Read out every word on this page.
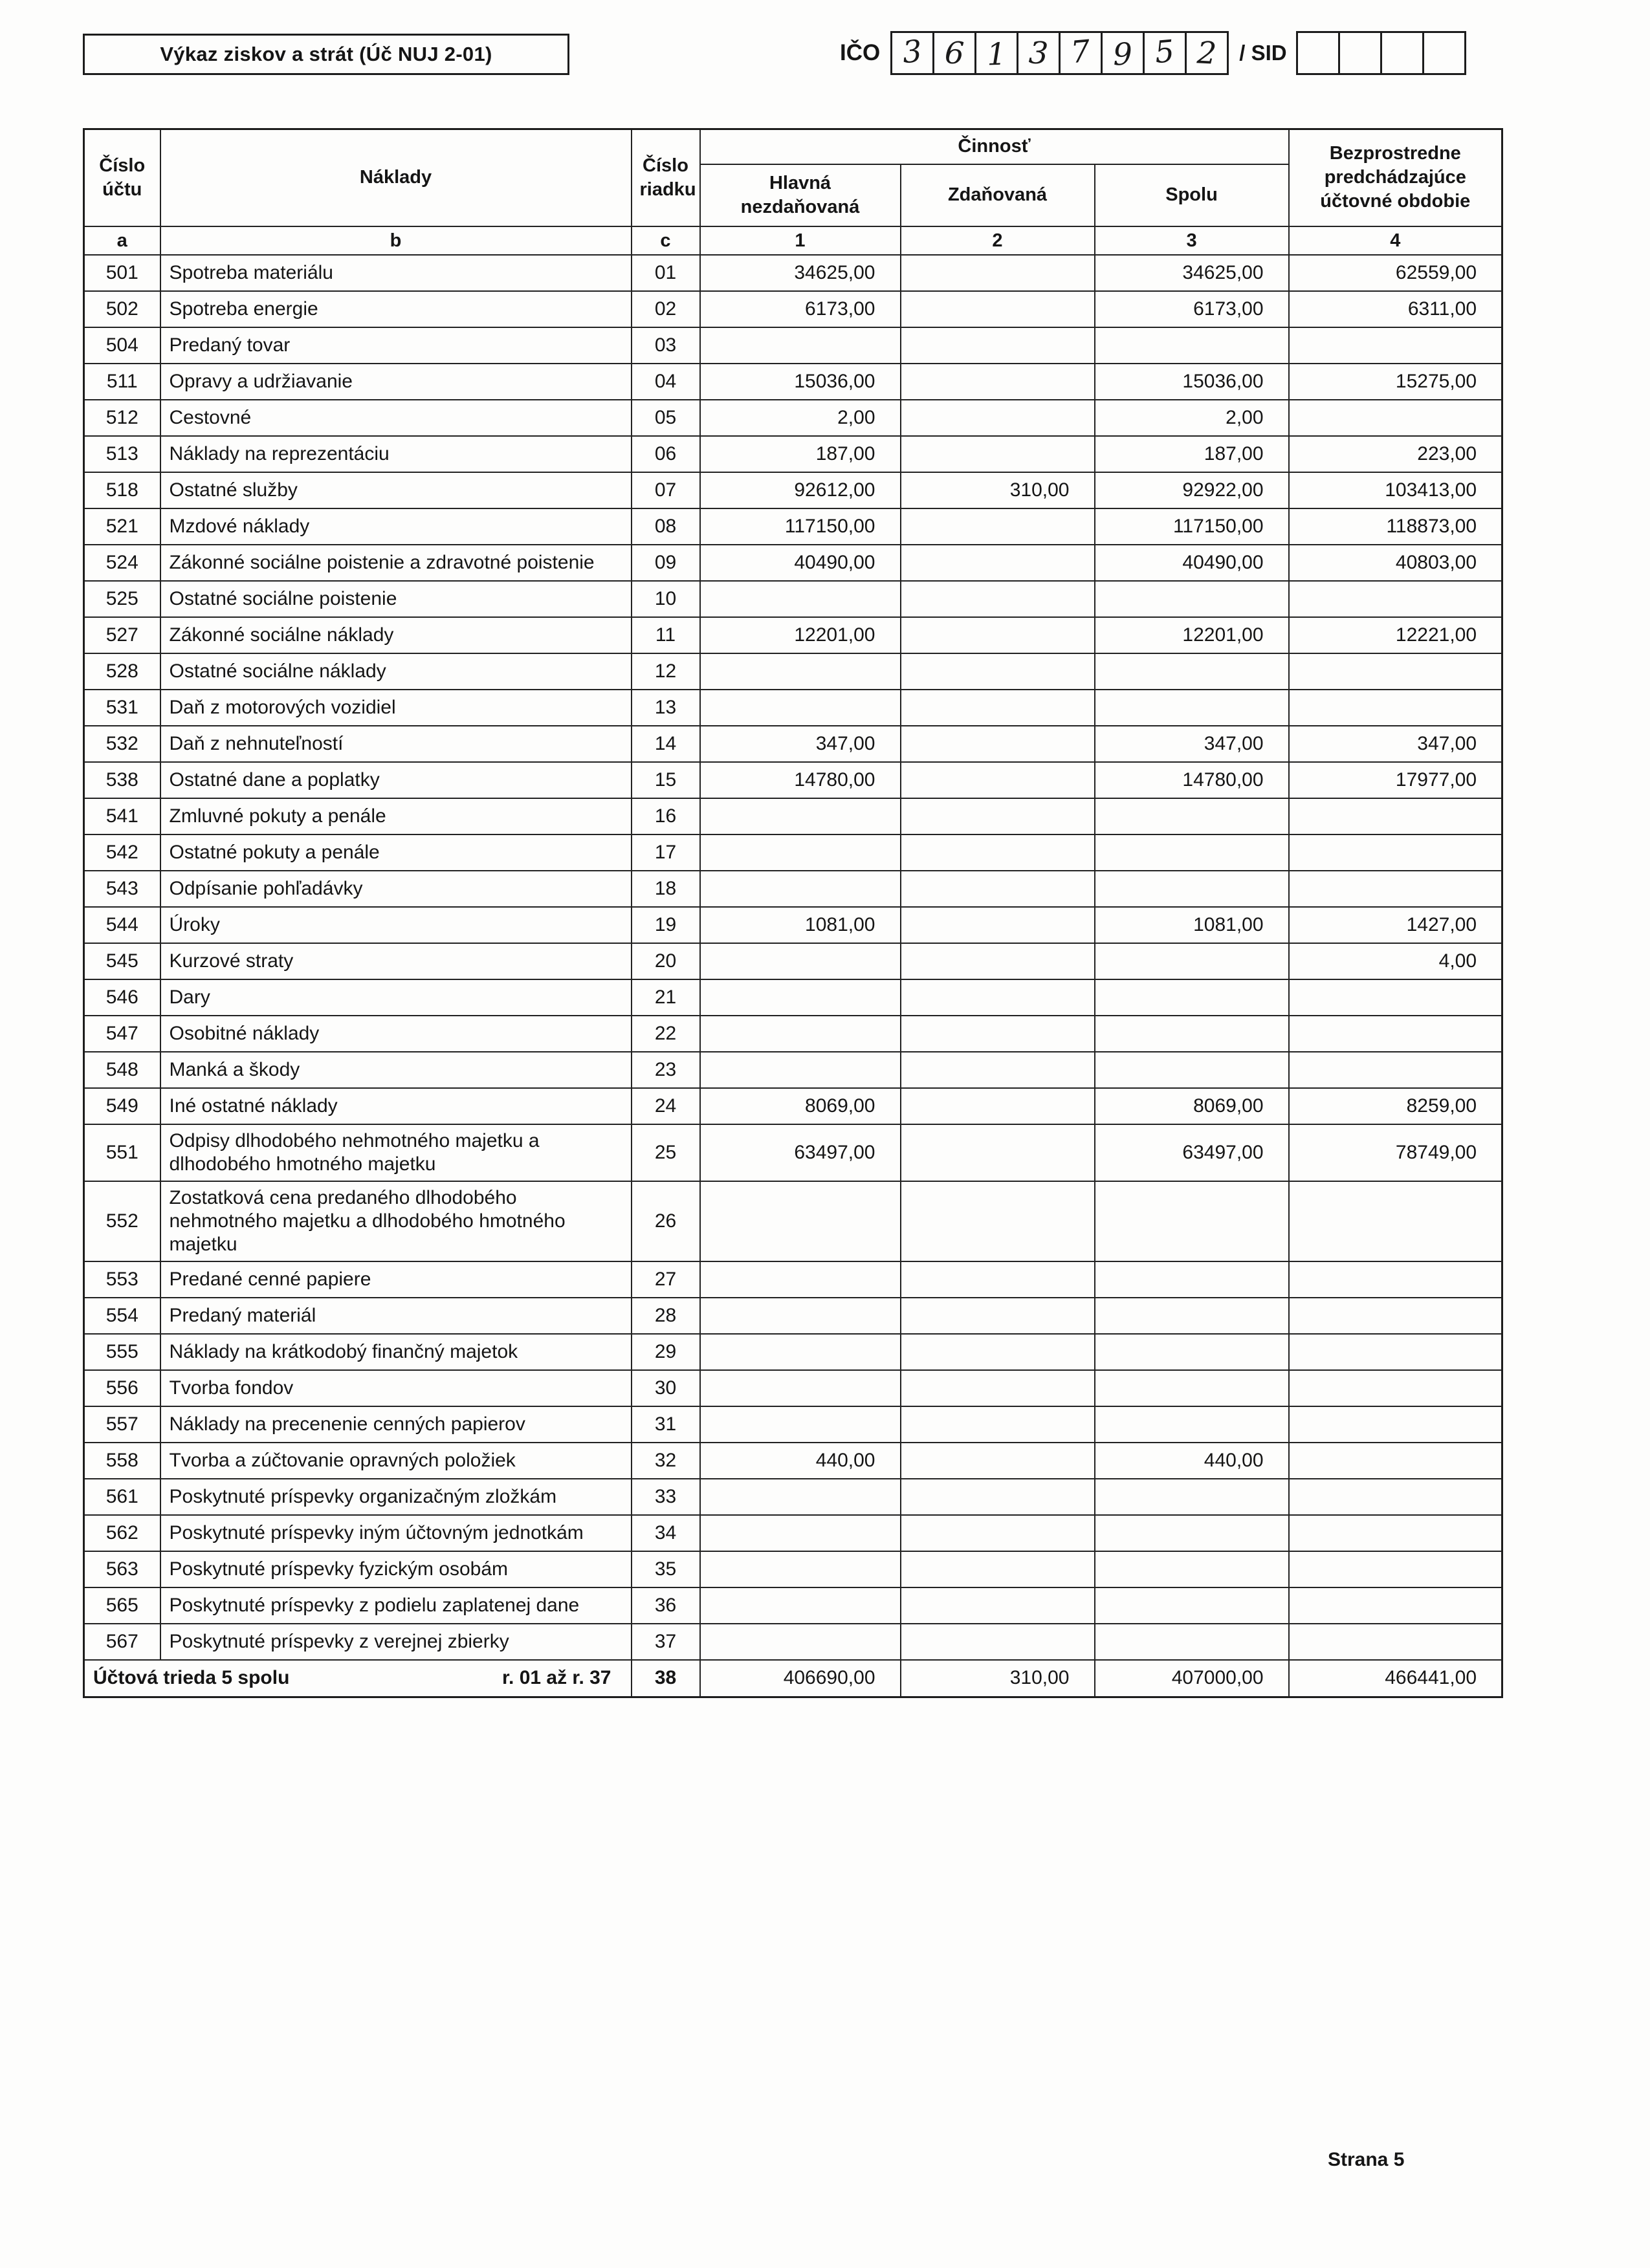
Výkaz ziskov a strát (Úč NUJ 2-01)	IČO 3 6 1 3 7 9 5 2 / SID
Číslo účtu	Náklady	Číslo riadku	Činnosť			Bezprostredne predchádzajúce účtovné obdobie
			Hlavná nezdaňovaná	Zdaňovaná	Spolu	
a	b	c	1	2	3	4
501	Spotreba materiálu	01	34625,00		34625,00	62559,00
502	Spotreba energie	02	6173,00		6173,00	6311,00
504	Predaný tovar	03				
511	Opravy a udržiavanie	04	15036,00		15036,00	15275,00
512	Cestovné	05	2,00		2,00	
513	Náklady na reprezentáciu	06	187,00		187,00	223,00
518	Ostatné služby	07	92612,00	310,00	92922,00	103413,00
521	Mzdové náklady	08	117150,00		117150,00	118873,00
524	Zákonné sociálne poistenie a zdravotné poistenie	09	40490,00		40490,00	40803,00
525	Ostatné sociálne poistenie	10				
527	Zákonné sociálne náklady	11	12201,00		12201,00	12221,00
528	Ostatné sociálne náklady	12				
531	Daň z motorových vozidiel	13				
532	Daň z nehnuteľností	14	347,00		347,00	347,00
538	Ostatné dane a poplatky	15	14780,00		14780,00	17977,00
541	Zmluvné pokuty a penále	16				
542	Ostatné pokuty a penále	17				
543	Odpísanie pohľadávky	18				
544	Úroky	19	1081,00		1081,00	1427,00
545	Kurzové straty	20				4,00
546	Dary	21				
547	Osobitné náklady	22				
548	Manká a škody	23				
549	Iné ostatné náklady	24	8069,00		8069,00	8259,00
551	Odpisy dlhodobého nehmotného majetku a dlhodobého hmotného majetku	25	63497,00		63497,00	78749,00
552	Zostatková cena predaného dlhodobého nehmotného majetku a dlhodobého hmotného majetku	26				
553	Predané cenné papiere	27				
554	Predaný materiál	28				
555	Náklady na krátkodobý finančný majetok	29				
556	Tvorba fondov	30				
557	Náklady na precenenie cenných papierov	31				
558	Tvorba a zúčtovanie opravných položiek	32	440,00		440,00	
561	Poskytnuté príspevky organizačným zložkám	33				
562	Poskytnuté príspevky iným účtovným jednotkám	34				
563	Poskytnuté príspevky fyzickým osobám	35				
565	Poskytnuté príspevky z podielu zaplatenej dane	36				
567	Poskytnuté príspevky z verejnej zbierky	37				

Účtová trieda 5 spolu r. 01 až r. 37		38	406690,00	310,00	407000,00	466441,00
Strana 5
